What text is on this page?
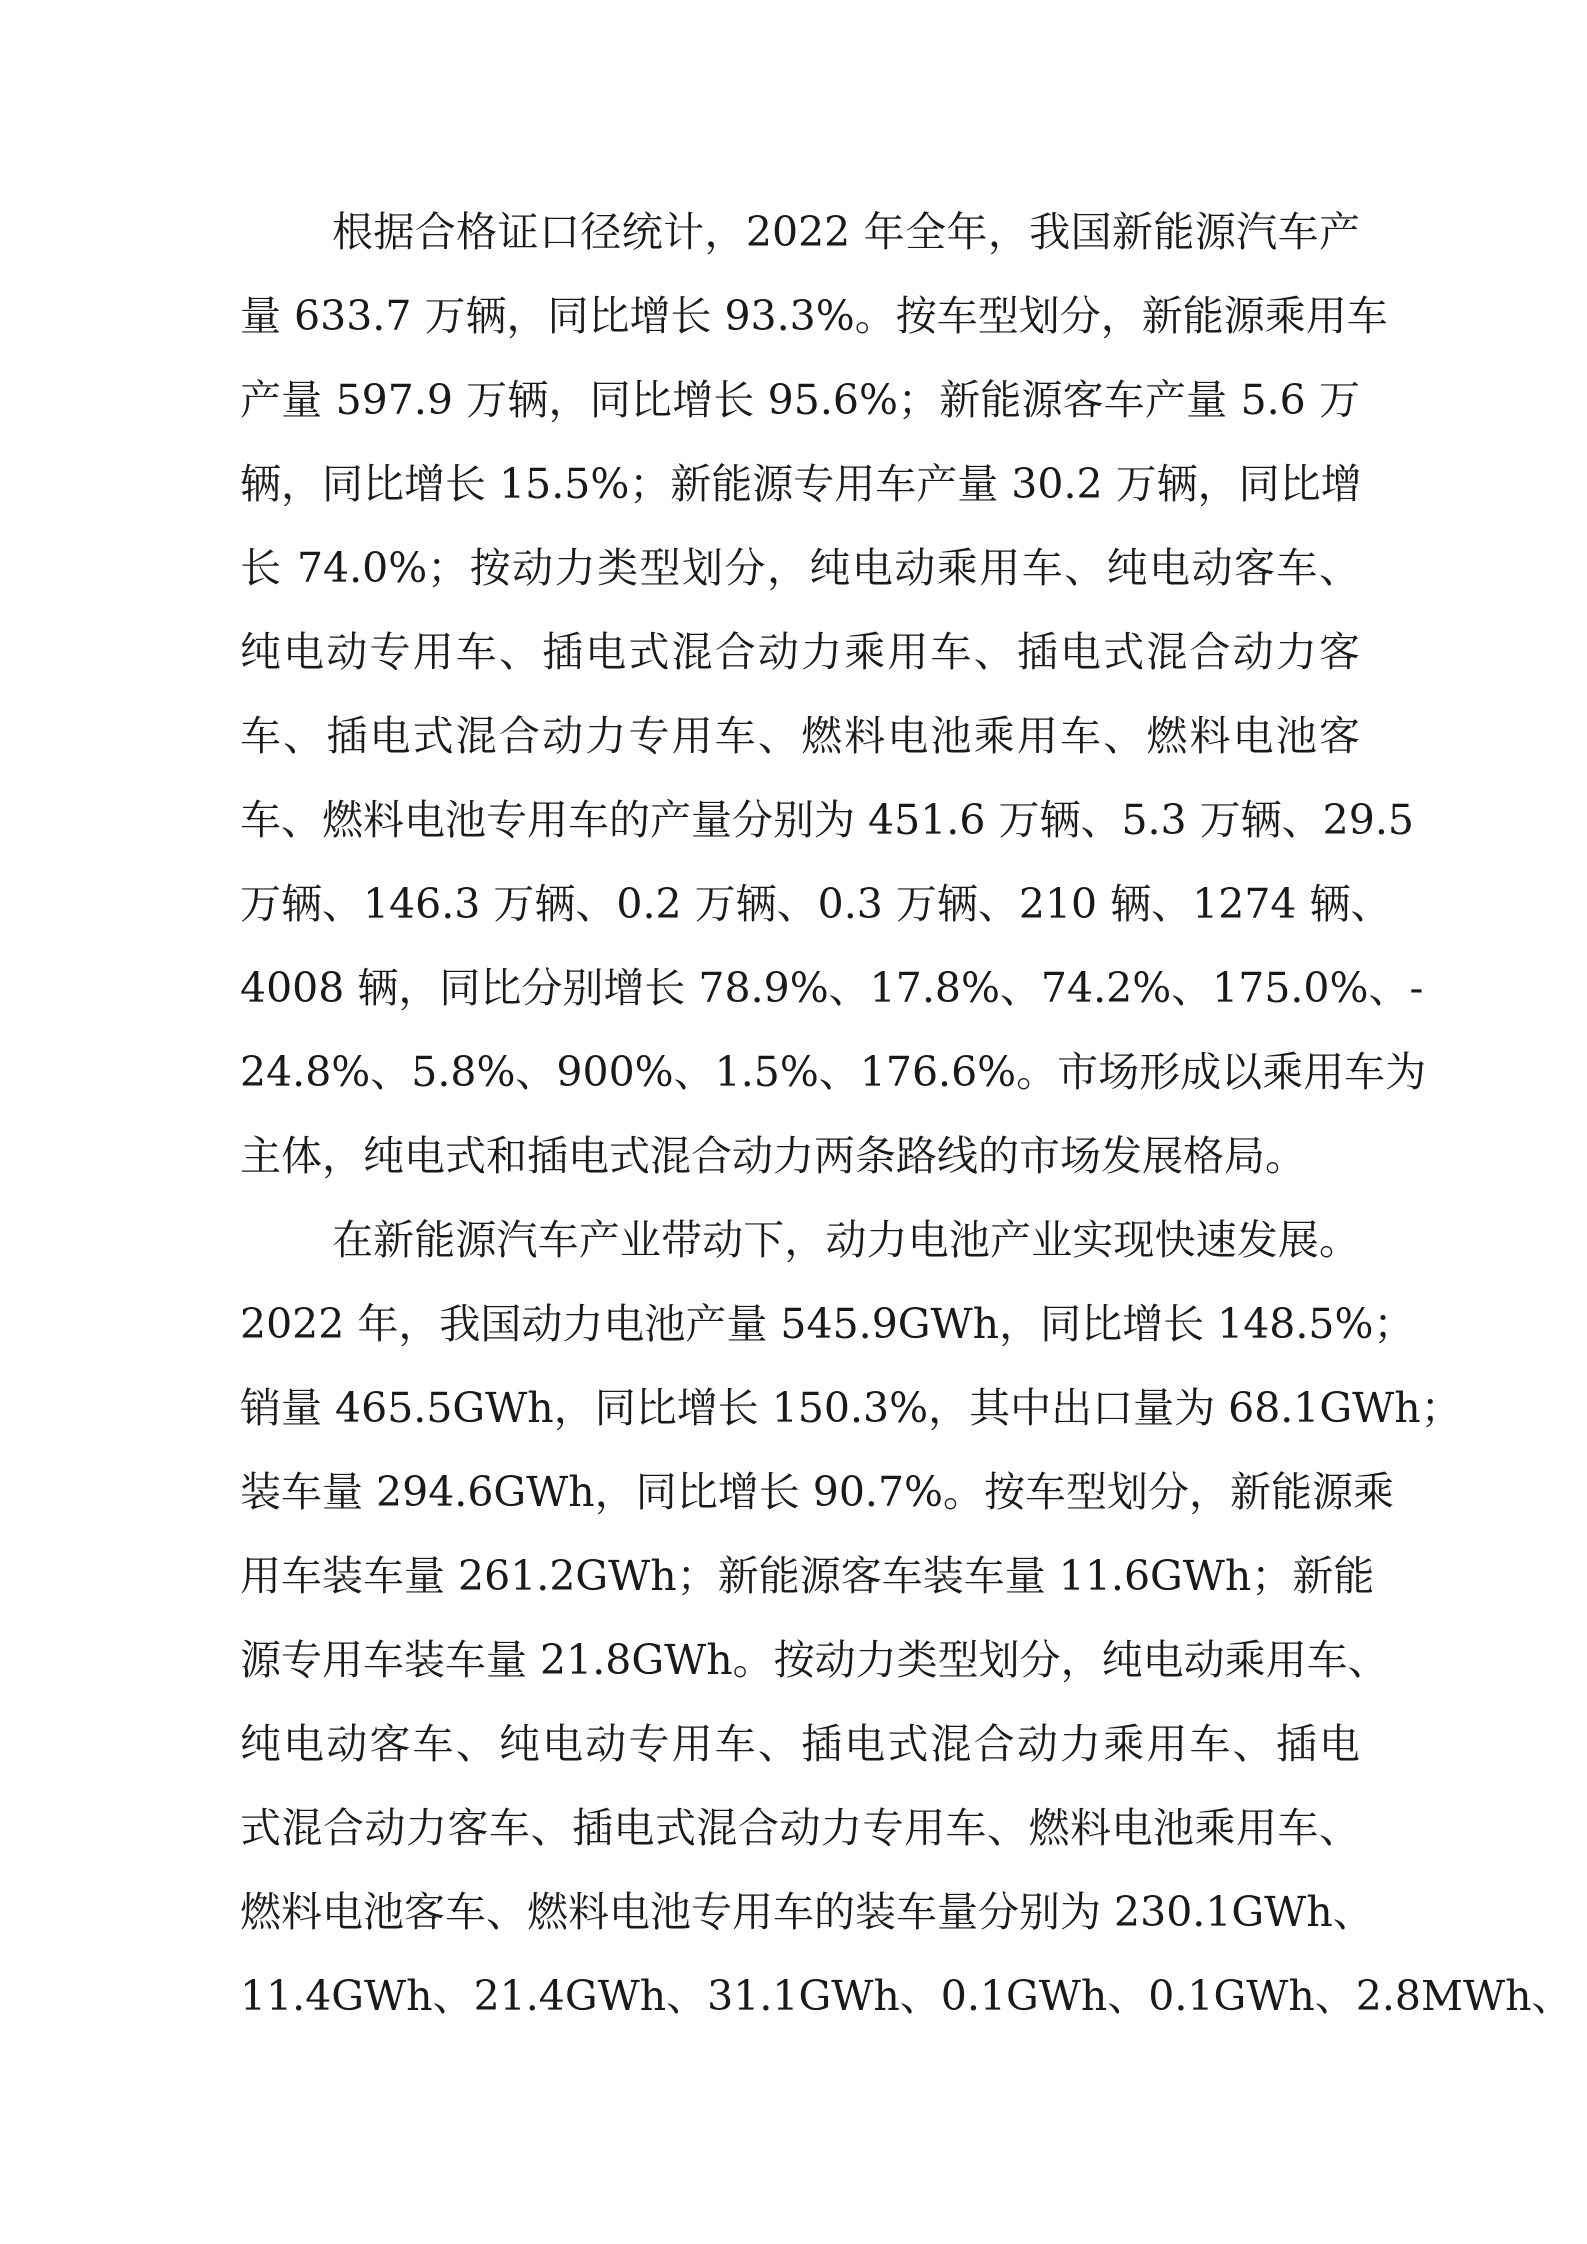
根据合格证口径统计，2022 年全年，我国新能源汽车产
量 633.7 万辆，同比增长 93.3%。按车型划分，新能源乘用车
产量 597.9 万辆，同比增长 95.6%；新能源客车产量 5.6 万
辆，同比增长 15.5%；新能源专用车产量 30.2 万辆，同比增
长 74.0%；按动力类型划分，纯电动乘用车、纯电动客车、
纯电动专用车、插电式混合动力乘用车、插电式混合动力客
车、插电式混合动力专用车、燃料电池乘用车、燃料电池客
车、燃料电池专用车的产量分别为 451.6 万辆、5.3 万辆、29.5
万辆、146.3 万辆、0.2 万辆、0.3 万辆、210 辆、1274 辆、
4008 辆，同比分别增长 78.9%、17.8%、74.2%、175.0%、-
24.8%、5.8%、900%、1.5%、176.6%。市场形成以乘用车为
主体，纯电式和插电式混合动力两条路线的市场发展格局。
在新能源汽车产业带动下，动力电池产业实现快速发展。
2022 年，我国动力电池产量 545.9GWh，同比增长 148.5%；
销量 465.5GWh，同比增长 150.3%，其中出口量为 68.1GWh；
装车量 294.6GWh，同比增长 90.7%。按车型划分，新能源乘
用车装车量 261.2GWh；新能源客车装车量 11.6GWh；新能
源专用车装车量 21.8GWh。按动力类型划分，纯电动乘用车、
纯电动客车、纯电动专用车、插电式混合动力乘用车、插电
式混合动力客车、插电式混合动力专用车、燃料电池乘用车、
燃料电池客车、燃料电池专用车的装车量分别为 230.1GWh、
11.4GWh、21.4GWh、31.1GWh、0.1GWh、0.1GWh、2.8MWh、
